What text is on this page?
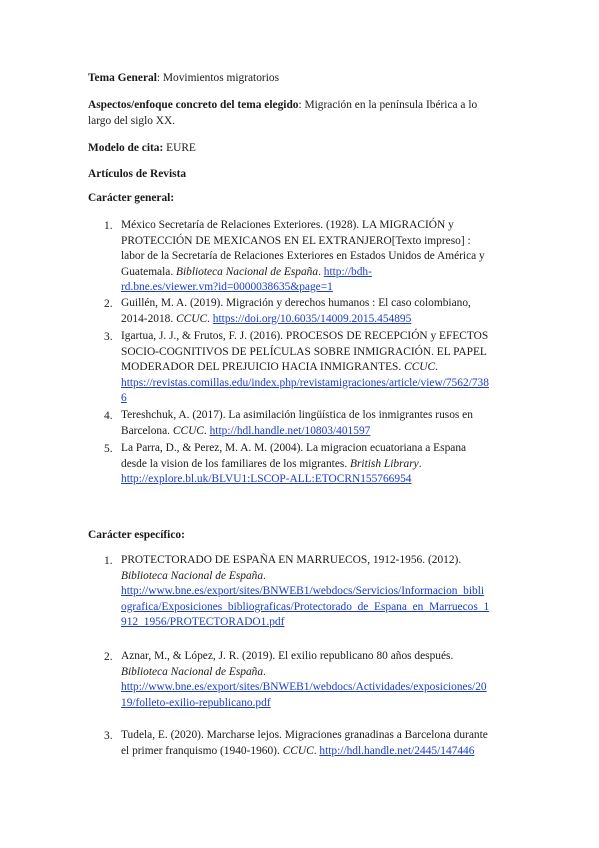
Tema General: Movimientos migratorios
Aspectos/enfoque concreto del tema elegido: Migración en la península Ibérica a lo
largo del siglo XX.
Modelo de cita: EURE
Artículos de Revista
Carácter general:
1. México Secretaría de Relaciones Exteriores. (1928). LA MIGRACIÓN y
PROTECCIÓN DE MEXICANOS EN EL EXTRANJERO[Texto impreso] :
labor de la Secretaría de Relaciones Exteriores en Estados Unidos de América y
Guatemala. Biblioteca Nacional de España. http://bdh-
rd.bne.es/viewer.vm?id=0000038635&page=1
2. Guillén, M. A. (2019). Migración y derechos humanos : El caso colombiano,
2014-2018. CCUC. https://doi.org/10.6035/14009.2015.454895
3. Igartua, J. J., & Frutos, F. J. (2016). PROCESOS DE RECEPCIÓN y EFECTOS
SOCIO-COGNITIVOS DE PELÍCULAS SOBRE INMIGRACIÓN. EL PAPEL
MODERADOR DEL PREJUICIO HACIA INMIGRANTES. CCUC.
https://revistas.comillas.edu/index.php/revistamigraciones/article/view/7562/738
6
4. Tereshchuk, A. (2017). La asimilación lingüística de los inmigrantes rusos en
Barcelona. CCUC. http://hdl.handle.net/10803/401597
5. La Parra, D., & Perez, M. A. M. (2004). La migracion ecuatoriana a Espana
desde la vision de los familiares de los migrantes. British Library.
http://explore.bl.uk/BLVU1:LSCOP-ALL:ETOCRN155766954
Carácter específico:
1. PROTECTORADO DE ESPAÑA EN MARRUECOS, 1912-1956. (2012).
Biblioteca Nacional de España.
http://www.bne.es/export/sites/BNWEB1/webdocs/Servicios/Informacion_bibli
ografica/Exposiciones_bibliograficas/Protectorado_de_Espana_en_Marruecos_1
912_1956/PROTECTORADO1.pdf
2. Aznar, M., & López, J. R. (2019). El exilio republicano 80 años después.
Biblioteca Nacional de España.
http://www.bne.es/export/sites/BNWEB1/webdocs/Actividades/exposiciones/20
19/folleto-exilio-republicano.pdf
3. Tudela, E. (2020). Marcharse lejos. Migraciones granadinas a Barcelona durante
el primer franquismo (1940-1960). CCUC. http://hdl.handle.net/2445/147446
